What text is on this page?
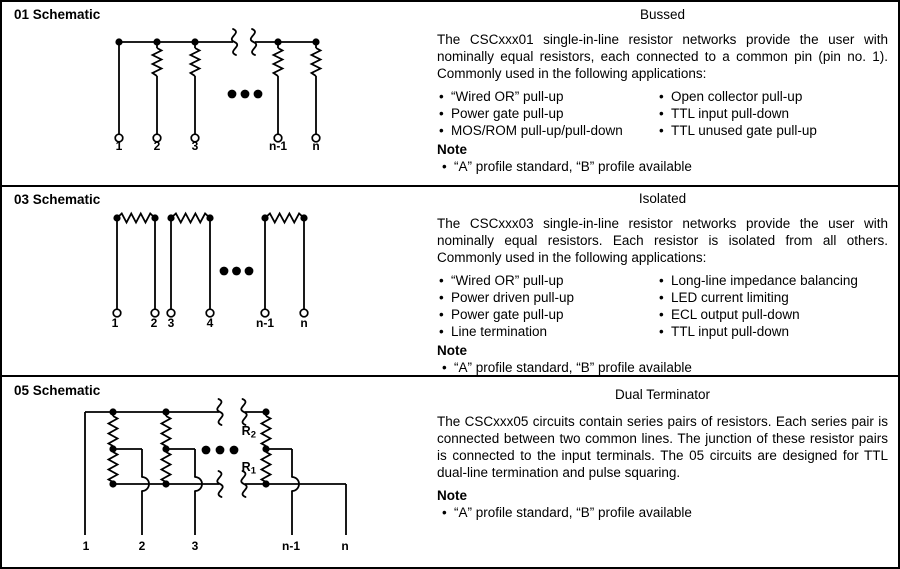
01 Schematic
1	2	3	n-1 n
Bussed

The CSCxxx01 single-in-line resistor networks provide the user with nominally equal resistors, each connected to a common pin (pin no. 1). Commonly used in the following applications:

• “Wired OR” pull-up
• Power gate pull-up
• MOS/ROM pull-up/pull-down
• Open collector pull-up
• TTL input pull-down
• TTL unused gate pull-up
Note
• “A” profile standard, “B” profile available
03 Schematic
1	2 3	4	n-1 n
Isolated

The CSCxxx03 single-in-line resistor networks provide the user with nominally equal resistors. Each resistor is isolated from all others. Commonly used in the following applications:

• “Wired OR” pull-up
• Power driven pull-up
• Power gate pull-up
• Line termination
• Long-line impedance balancing
• LED current limiting
• ECL output pull-down
• TTL input pull-down
Note
• “A” profile standard, “B” profile available
05 Schematic
$R_2$
$R_1$
1	2	3	n-1	n
Dual Terminator

The CSCxxx05 circuits contain series pairs of resistors. Each series pair is connected between two common lines. The junction of these resistor pairs is connected to the input terminals. The 05 circuits are designed for TTL dual-line termination and pulse squaring.

Note
• “A” profile standard, “B” profile available
